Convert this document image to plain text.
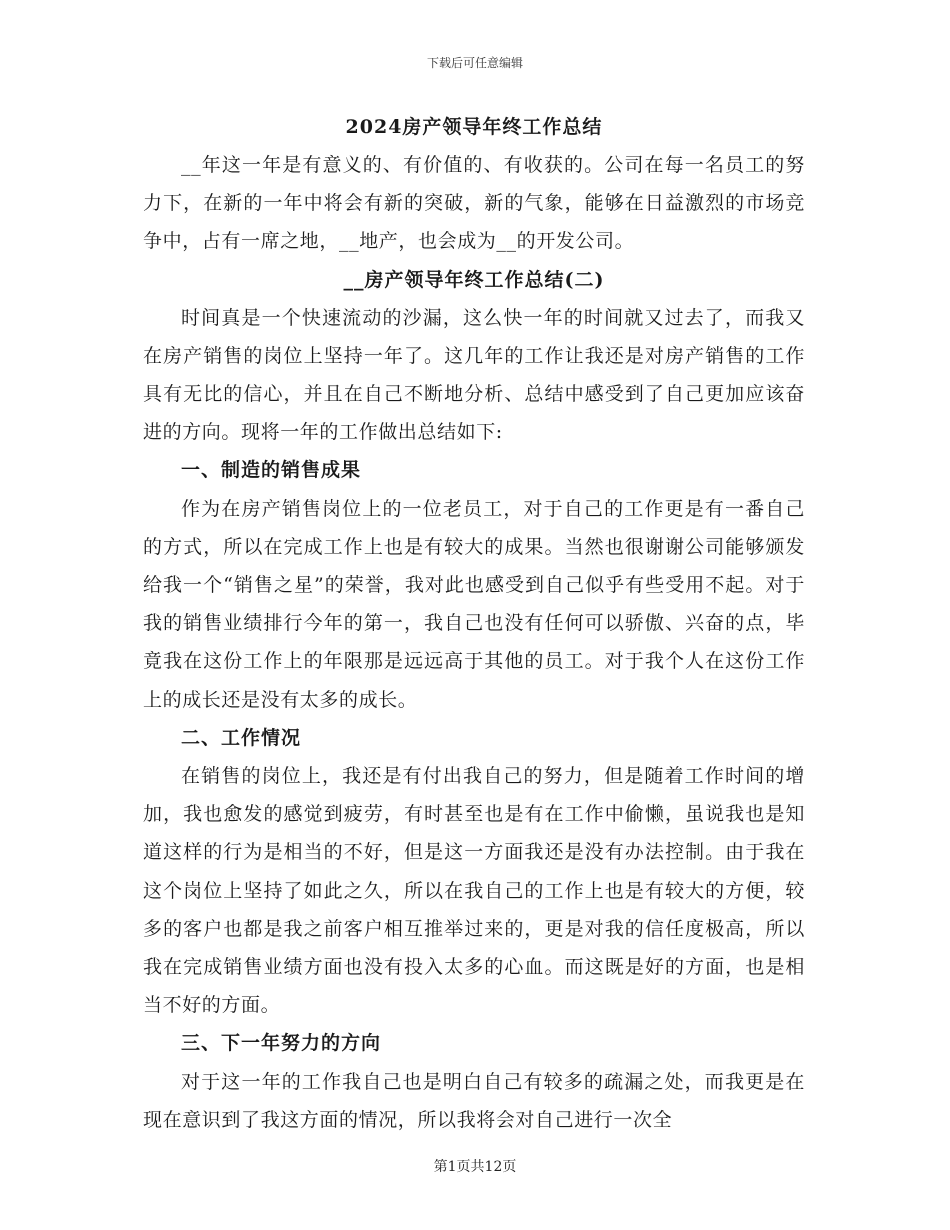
下载后可任意编辑
2024房产领导年终工作总结
__年这一年是有意义的、有价值的、有收获的。公司在每一名员工的努力下，在新的一年中将会有新的突破，新的气象，能够在日益激烈的市场竞争中，占有一席之地，__地产，也会成为__的开发公司。
__房产领导年终工作总结(二)
时间真是一个快速流动的沙漏，这么快一年的时间就又过去了，而我又在房产销售的岗位上坚持一年了。这几年的工作让我还是对房产销售的工作具有无比的信心，并且在自己不断地分析、总结中感受到了自己更加应该奋进的方向。现将一年的工作做出总结如下:
一、制造的销售成果
作为在房产销售岗位上的一位老员工，对于自己的工作更是有一番自己的方式，所以在完成工作上也是有较大的成果。当然也很谢谢公司能够颁发给我一个“销售之星”的荣誉，我对此也感受到自己似乎有些受用不起。对于我的销售业绩排行今年的第一，我自己也没有任何可以骄傲、兴奋的点，毕竟我在这份工作上的年限那是远远高于其他的员工。对于我个人在这份工作上的成长还是没有太多的成长。
二、工作情况
在销售的岗位上，我还是有付出我自己的努力，但是随着工作时间的增加，我也愈发的感觉到疲劳，有时甚至也是有在工作中偷懒，虽说我也是知道这样的行为是相当的不好，但是这一方面我还是没有办法控制。由于我在这个岗位上坚持了如此之久，所以在我自己的工作上也是有较大的方便，较多的客户也都是我之前客户相互推举过来的，更是对我的信任度极高，所以我在完成销售业绩方面也没有投入太多的心血。而这既是好的方面，也是相当不好的方面。
三、下一年努力的方向
对于这一年的工作我自己也是明白自己有较多的疏漏之处，而我更是在现在意识到了我这方面的情况，所以我将会对自己进行一次全
第1页共12页
